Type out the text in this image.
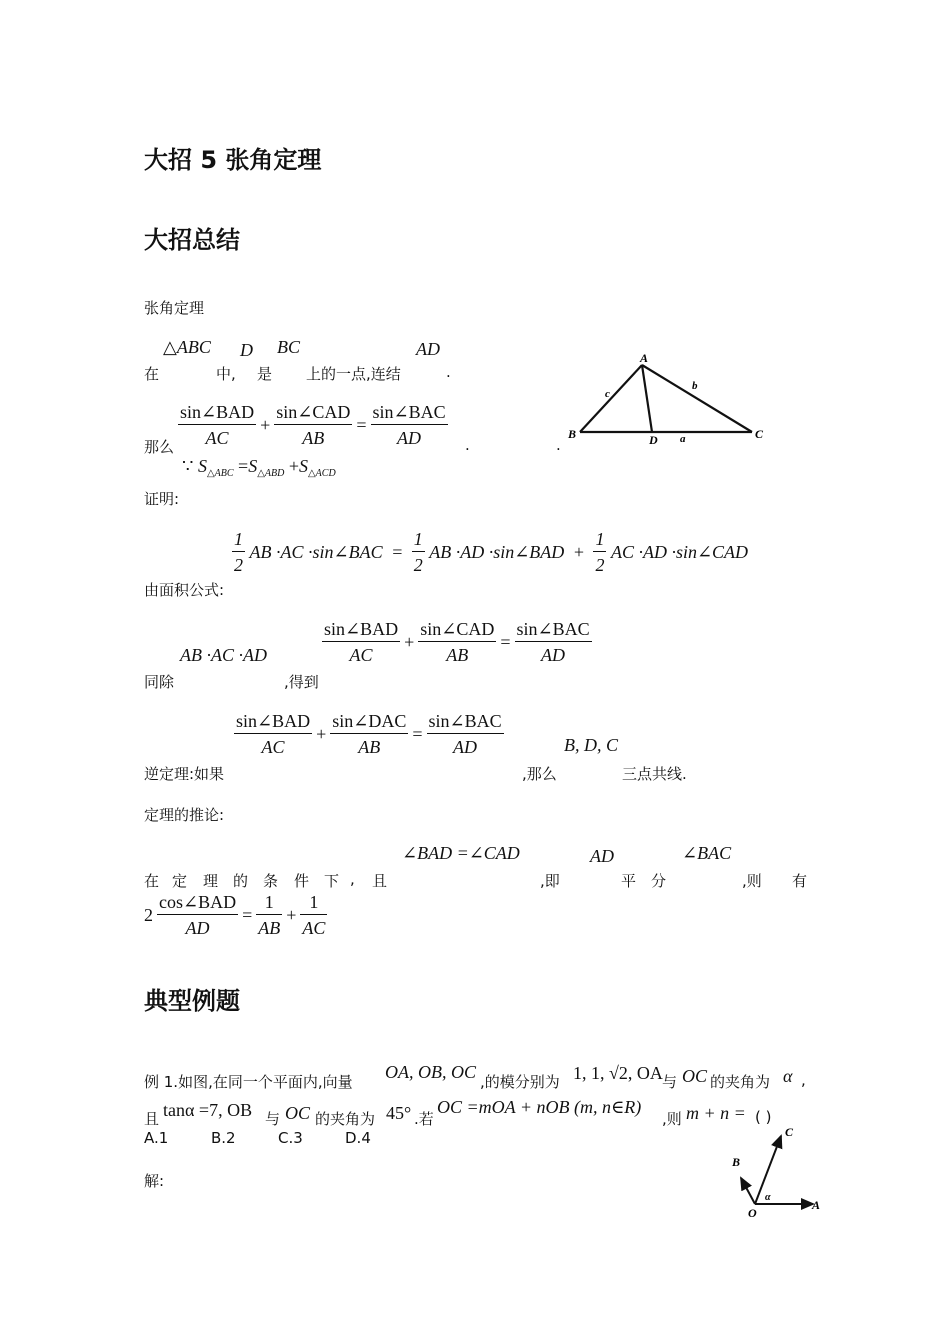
大招 5 张角定理
大招总结
张角定理
△ABC D BC	AD
在	中, 是 上的一点,连结	.
那么 $\frac{\text{sin∠BAD}}{AC} + \frac{\text{sin∠CAD}}{AB} = \frac{\text{sin∠BAC}}{AD}$ .	.
∵ $S_{\triangle ABC} =S_{\triangle ABD} +S_{\triangle ACD}$
证明:
$\frac{1}{2}$ AB ·AC ·sin∠BAC = $\frac{1}{2}$ AB ·AD ·sin∠BAD + $\frac{1}{2}$ AC ·AD ·sin∠CAD
由面积公式:
AB ·AC ·AD	$\frac{\text{sin∠BAD}}{AC} + \frac{\text{sin∠CAD}}{AB} = \frac{\text{sin∠BAC}}{AD}$
同除	,得到
$\frac{\text{sin∠BAD}}{AC} + \frac{\text{sin∠DAC}}{AB} = \frac{\text{sin∠BAC}}{AD}$	B, D, C
逆定理:如果	,那么	三点共线.
定理的推论:
∠BAD =∠CAD	AD	∠BAC
在 定 理 的 条 件 下 , 且	,即	平 分	,则 有
$2 \frac{\text{cos∠BAD}}{AD} = \frac{1}{AB} + \frac{1}{AC}$
典型例题
例 1.如图,在同一个平面内,向量 OA, OB, OC ,的模分别为 1, 1, √2, OA 与 OC 的夹角为 α ,
且 tanα =7, OB 与 OC 的夹角为 45° .若
OC =mOA + nOB (m, n∈R)
,则 m + n = ( )
A.1	B.2	C.3	D.4
解:
A
B	C
D a
b
c
O
A
B
C
α
